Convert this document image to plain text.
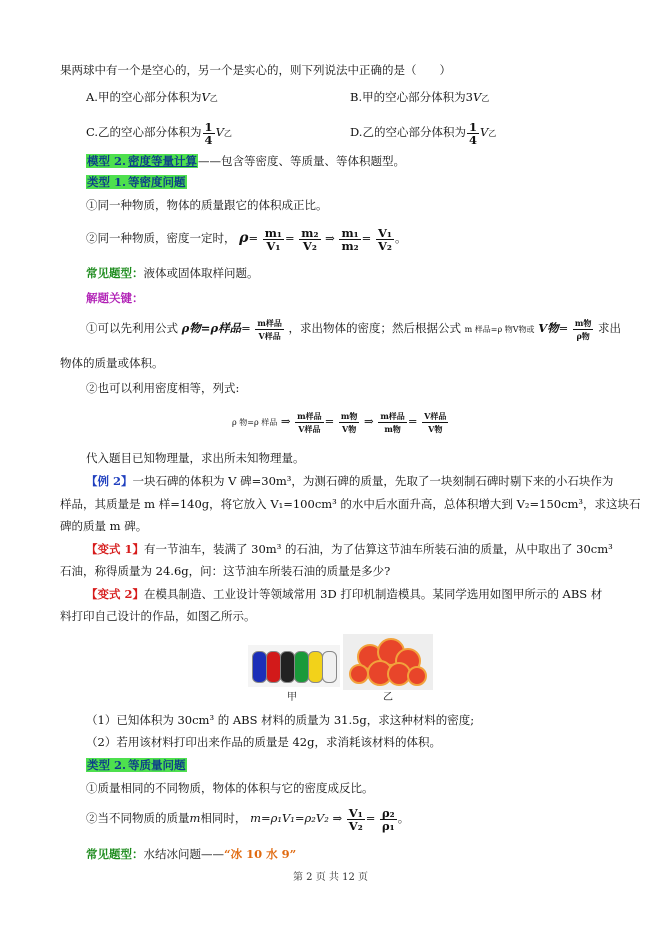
果两球中有一个是空心的，另一个是实心的，则下列说法中正确的是（　　）
A.甲的空心部分体积为V乙	B.甲的空心部分体积为3V乙
C.乙的空心部分体积为 $\frac{1}{4}$ V乙	D.乙的空心部分体积为 $\frac{1}{4}$ V乙
模型 2. 密度等量计算——包含等密度、等质量、等体积题型。
类型 1. 等密度问题
①同一种物质，物体的质量跟它的体积成正比。
②同一种物质，密度一定时， $\rho= \frac{\text{m₁}}{\text{V₁}} = \frac{\text{m₂}}{\text{V₂}}$ ⇒ $\frac{\text{m₁}}{\text{m₂}} = \frac{\text{V₁}}{\text{V₂}}$ 。
常见题型：液体或固体取样问题。
解题关键：
①可以先利用公式 ρ物=ρ样品= $\frac{\text{m样品}}{\text{V样品}}$ ，求出物体的密度；然后根据公式 m 样品=ρ 物V物或 V物= $\frac{\text{m物}}{\text{ρ物}}$ 求出
物体的质量或体积。
②也可以利用密度相等，列式:
ρ 物=ρ 样品 ⇒ $\frac{\text{m样品}}{\text{V样品}} = \frac{\text{m物}}{\text{V物}}$ ⇒ $\frac{\text{m样品}}{\text{m物}} = \frac{\text{V样品}}{\text{V物}}$
代入题目已知物理量，求出所未知物理量。
【例 2】一块石碑的体积为 V 碑=30m³，为测石碑的质量，先取了一块刻制石碑时剔下来的小石块作为
样品，其质量是 m 样=140g，将它放入 V₁=100cm³ 的水中后水面升高，总体积增大到 V₂=150cm³，求这块石
碑的质量 m 碑。
【变式 1】有一节油车，装满了 30m³ 的石油，为了估算这节油车所装石油的质量，从中取出了 30cm³
石油，称得质量为 24.6g，问：这节油车所装石油的质量是多少?
【变式 2】在模具制造、工业设计等领域常用 3D 打印机制造模具。某同学选用如图甲所示的 ABS 材
料打印自己设计的作品，如图乙所示。
甲	乙
（1）已知体积为 30cm³ 的 ABS 材料的质量为 31.5g，求这种材料的密度;
（2）若用该材料打印出来作品的质量是 42g，求消耗该材料的体积。
类型 2. 等质量问题
①质量相同的不同物质，物体的体积与它的密度成反比。
②当不同物质的质量m相同时， m=ρ₁V₁=ρ₂V₂ ⇒ $\frac{\text{V₁}}{\text{V₂}} = \frac{\text{ρ₂}}{\text{ρ₁}}$ 。
常见题型：水结冰问题——“冰 10 水 9”
第 2 页 共 12 页
